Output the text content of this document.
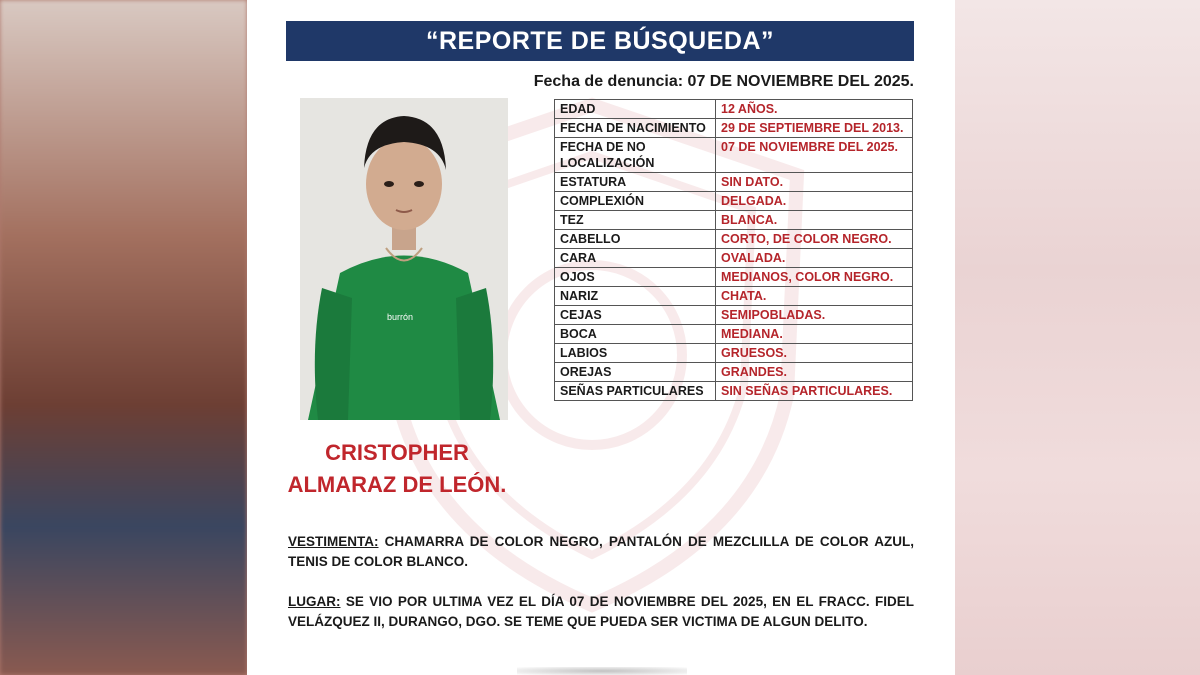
“REPORTE DE BÚSQUEDA”
Fecha de denuncia: 07 DE NOVIEMBRE DEL 2025.
burrón
CRISTOPHER
ALMARAZ DE LEÓN.
EDAD	12 AÑOS.
FECHA DE NACIMIENTO	29 DE SEPTIEMBRE DEL 2013.
FECHA DE NO LOCALIZACIÓN	07 DE NOVIEMBRE DEL 2025.
ESTATURA	SIN DATO.
COMPLEXIÓN	DELGADA.
TEZ	BLANCA.
CABELLO	CORTO, DE COLOR NEGRO.
CARA	OVALADA.
OJOS	MEDIANOS, COLOR NEGRO.
NARIZ	CHATA.
CEJAS	SEMIPOBLADAS.
BOCA	MEDIANA.
LABIOS	GRUESOS.
OREJAS	GRANDES.
SEÑAS PARTICULARES	SIN SEÑAS PARTICULARES.
VESTIMENTA: CHAMARRA DE COLOR NEGRO, PANTALÓN DE MEZCLILLA DE COLOR AZUL, TENIS DE COLOR BLANCO.
LUGAR: SE VIO POR ULTIMA VEZ EL DÍA 07 DE NOVIEMBRE DEL 2025, EN EL FRACC. FIDEL VELÁZQUEZ II, DURANGO, DGO. SE TEME QUE PUEDA SER VICTIMA DE ALGUN DELITO.
